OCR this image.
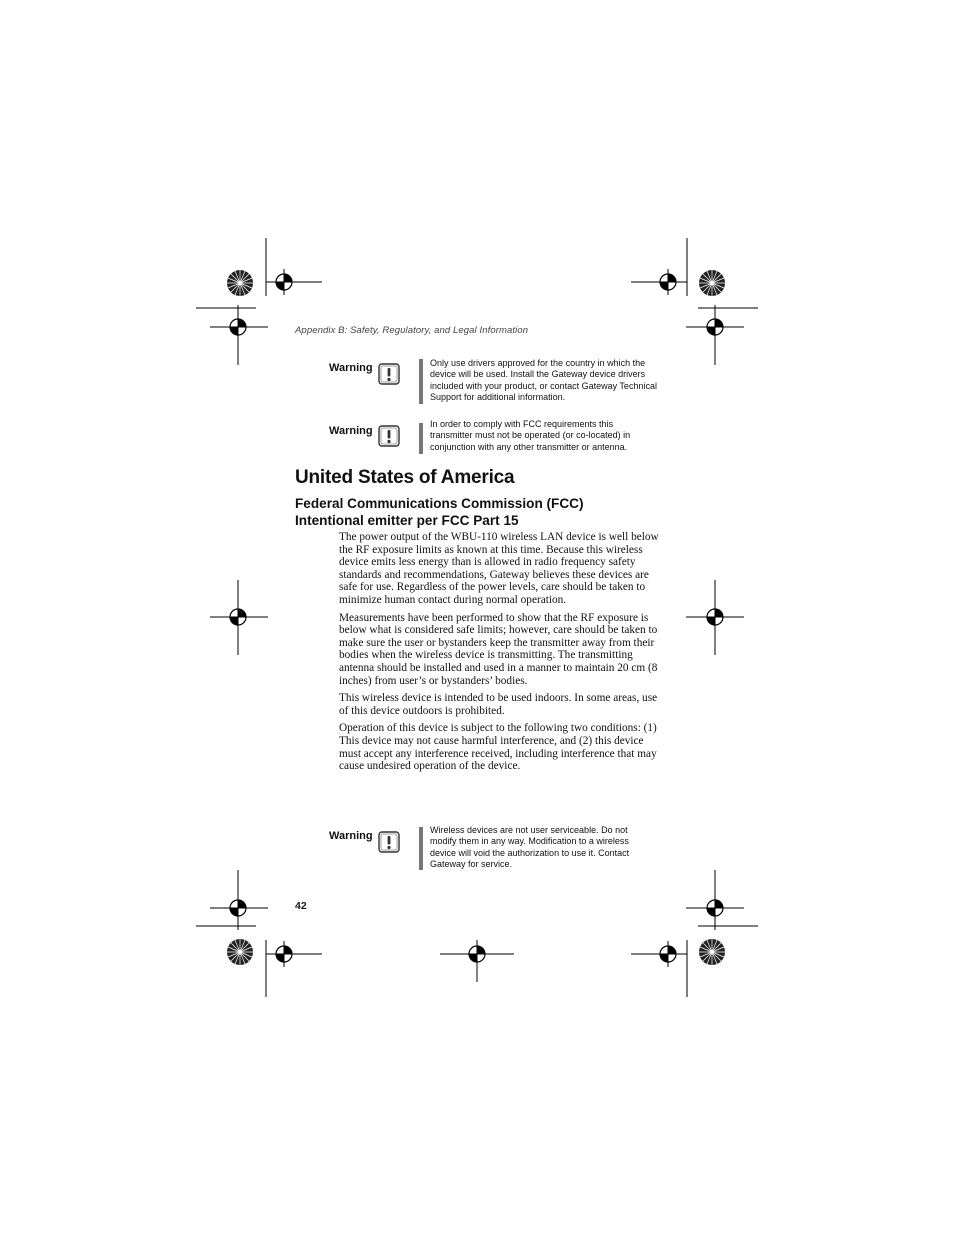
Appendix B: Safety, Regulatory, and Legal Information
Warning	Only use drivers approved for the country in which the device will be used. Install the Gateway device drivers included with your product, or contact Gateway Technical Support for additional information.
Warning
In order to comply with FCC requirements this transmitter must not be operated (or co-located) in conjunction with any other transmitter or antenna.
United States of America
Federal Communications Commission (FCC)
Intentional emitter per FCC Part 15

The power output of the WBU-110 wireless LAN device is well below the RF exposure limits as known at this time. Because this wireless device emits less energy than is allowed in radio frequency safety standards and recommendations, Gateway believes these devices are safe for use. Regardless of the power levels, care should be taken to minimize human contact during normal operation.

Measurements have been performed to show that the RF exposure is below what is considered safe limits; however, care should be taken to make sure the user or bystanders keep the transmitter away from their bodies when the wireless device is transmitting. The transmitting antenna should be installed and used in a manner to maintain 20 cm (8 inches) from user’s or bystanders’ bodies.

This wireless device is intended to be used indoors. In some areas, use of this device outdoors is prohibited.

Operation of this device is subject to the following two conditions: (1) This device may not cause harmful interference, and (2) this device must accept any interference received, including interference that may cause undesired operation of the device.

Warning	Wireless devices are not user serviceable. Do not modify them in any way. Modification to a wireless device will void the authorization to use it. Contact Gateway for service.
42
